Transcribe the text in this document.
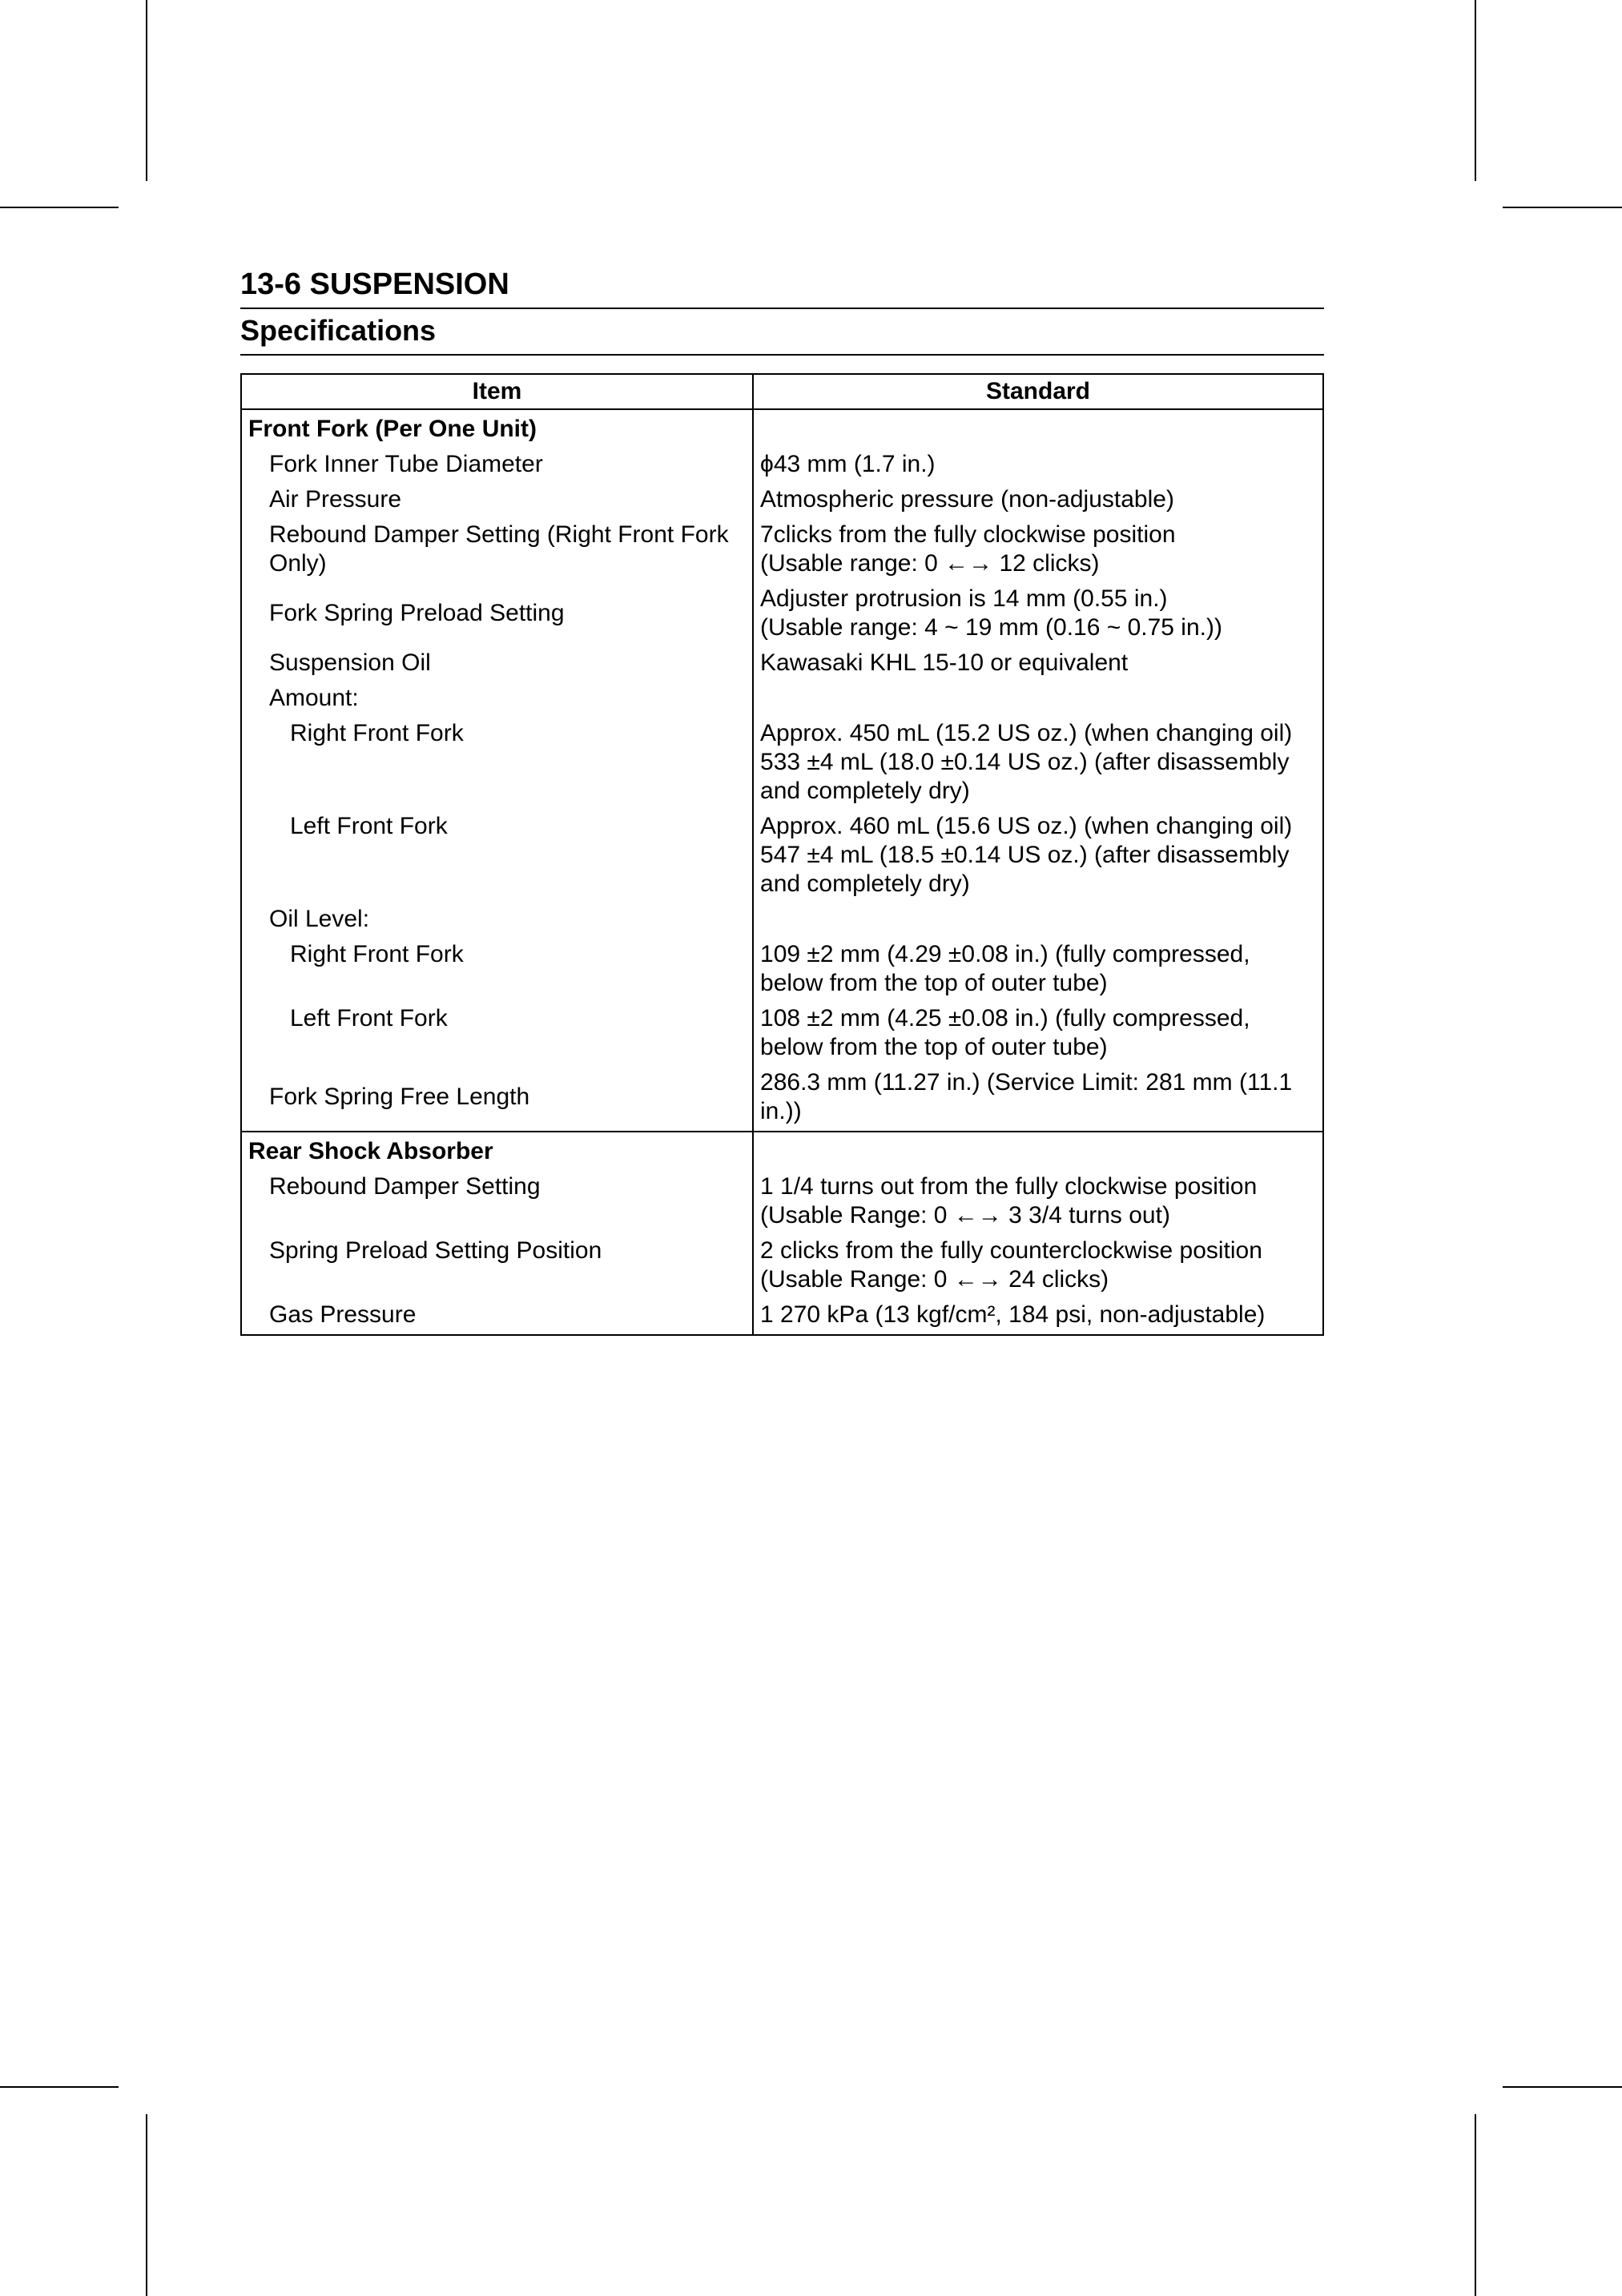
13-6 SUSPENSION
Specifications
Item	Standard
Front Fork (Per One Unit)	

Fork Inner Tube Diameter	ϕ43 mm (1.7 in.)

Air Pressure	Atmospheric pressure (non-adjustable)

Rebound Damper Setting (Right Front Fork Only)	7clicks from the fully clockwise position
(Usable range: 0 ←→ 12 clicks)

Fork Spring Preload Setting	Adjuster protrusion is 14 mm (0.55 in.)
(Usable range: 4 ~ 19 mm (0.16 ~ 0.75 in.))

Suspension Oil	Kawasaki KHL 15-10 or equivalent

Amount:	

Right Front Fork	Approx. 450 mL (15.2 US oz.) (when changing oil)
533 ±4 mL (18.0 ±0.14 US oz.) (after disassembly and completely dry)

Left Front Fork	Approx. 460 mL (15.6 US oz.) (when changing oil)
547 ±4 mL (18.5 ±0.14 US oz.) (after disassembly and completely dry)

Oil Level:	

Right Front Fork	109 ±2 mm (4.29 ±0.08 in.) (fully compressed, below from the top of outer tube)

Left Front Fork	108 ±2 mm (4.25 ±0.08 in.) (fully compressed, below from the top of outer tube)

Fork Spring Free Length	286.3 mm (11.27 in.) (Service Limit: 281 mm (11.1 in.))
Rear Shock Absorber	

Rebound Damper Setting	1 1/4 turns out from the fully clockwise position
(Usable Range: 0 ←→ 3 3/4 turns out)

Spring Preload Setting Position	2 clicks from the fully counterclockwise position
(Usable Range: 0 ←→ 24 clicks)

Gas Pressure	1 270 kPa (13 kgf/cm², 184 psi, non-adjustable)
